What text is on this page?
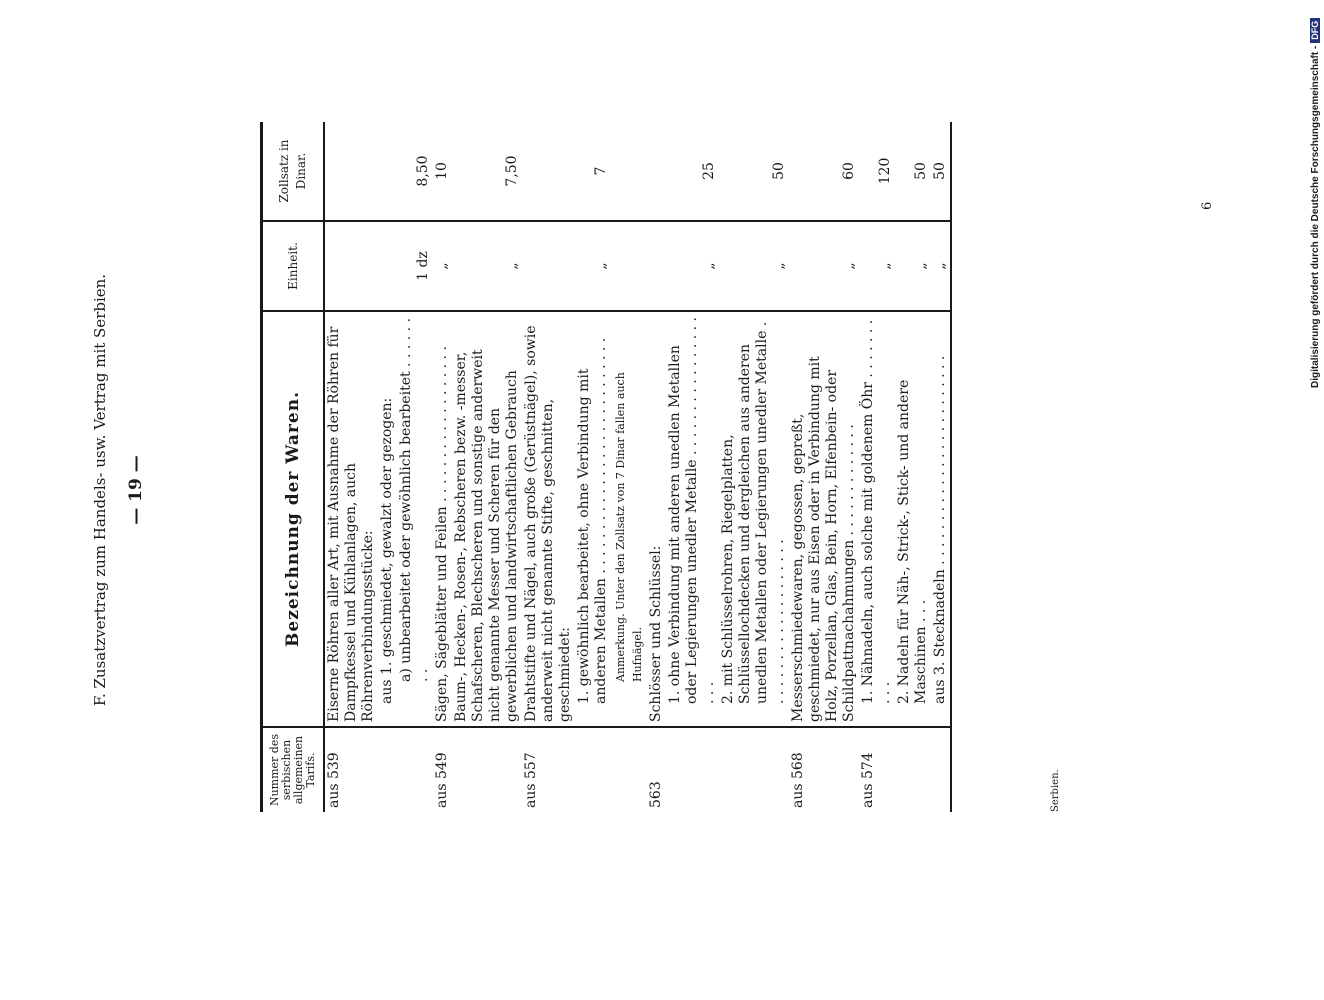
F. Zusatzvertrag zum Handels- usw. Vertrag mit Serbien. — 19 —
Nummer des serbischen allgemeinen Tarifs.	Bezeichnung der Waren.	Einheit.	Zollsatz in Dinar.
aus 539	Eiserne Röhren aller Art, mit Ausnahme der Röhren für Dampfkessel und Kühlanlagen, auch Röhrenverbindungsstücke:		
	aus 1. geschmiedet, gewalzt oder gezogen:		
	a) unbearbeitet oder gewöhnlich bearbeitet . . . . . . . .	1 dz	8,50
aus 549	Sägen, Sägeblätter und Feilen . . . . . . . . . . . . . . . . . .	„	10
	Baum-, Hecken-, Rosen-, Rebscheren bezw. -messer, Schafscheren, Blechscheren und sonstige anderweit nicht genannte Messer und Scheren für den gewerblichen und landwirtschaftlichen Gebrauch	„	7,50
aus 557	Drahtstifte und Nägel, auch große (Gerüstnägel), sowie anderweit nicht genannte Stifte, geschnitten, geschmiedet:		
	1. gewöhnlich bearbeitet, ohne Verbindung mit anderen Metallen . . . . . . . . . . . . . . . . . . . . . . . . . . .	„	7
	Anmerkung. Unter den Zollsatz von 7 Dinar fallen auch Hufnägel.		
563	Schlösser und Schlüssel:		
	1. ohne Verbindung mit anderen unedlen Metallen oder Legierungen unedler Metalle . . . . . . . . . . . . . . . . . . .	„	25
	2. mit Schlüsselrohren, Riegelplatten, Schlüssellochdecken und dergleichen aus anderen unedlen Metallen oder Legierungen unedler Metalle . . . . . . . . . . . . . . . . . . . .	„	50
aus 568	Messerschmiedewaren, gegossen, gepreßt, geschmiedet, nur aus Eisen oder in Verbindung mit Holz, Porzellan, Glas, Bein, Horn, Elfenbein- oder Schildpattnachahmungen . . . . . . . . . . . . .	„	60
aus 574	1. Nähnadeln, auch solche mit goldenem Öhr . . . . . . . . . .	„	120
	2. Nadeln für Näh-, Strick-, Stick- und andere Maschinen . . .	„	50
	aus 3. Stecknadeln . . . . . . . . . . . . . . . . . . . . . . . .	„	50
Serbien.
6	Digitalisierung gefördert durch die Deutsche Forschungsgemeinschaft -DFG
